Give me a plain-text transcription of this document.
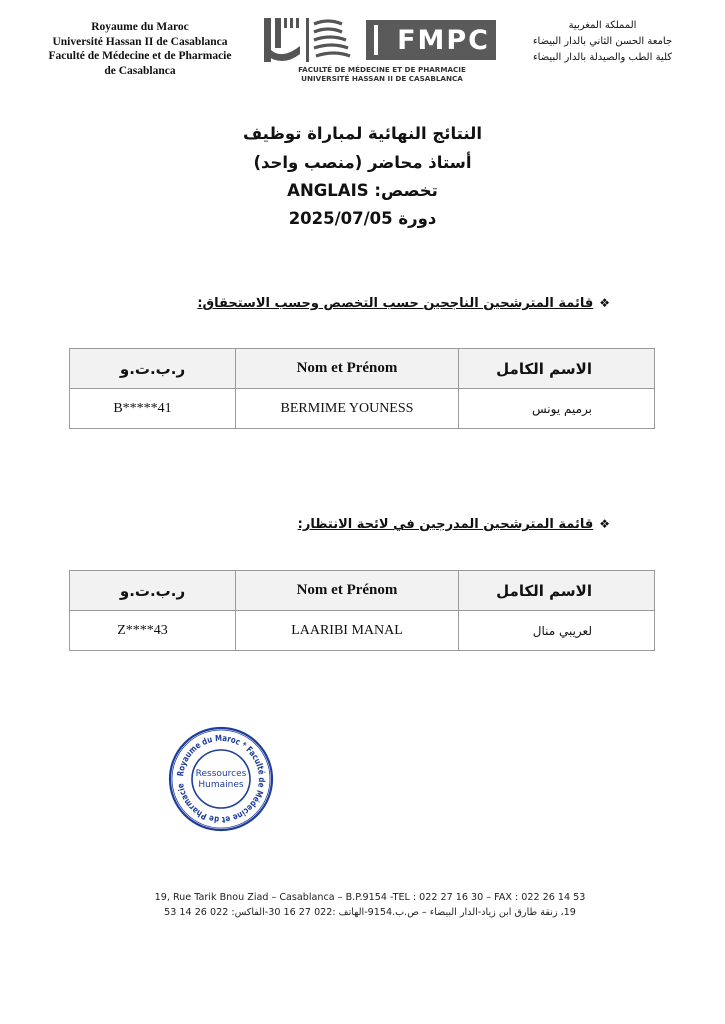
Royaume du Maroc
Université Hassan II de Casablanca
Faculté de Médecine et de Pharmacie
de Casablanca
FMPC
FACULTÉ DE MÉDECINE ET DE PHARMACIE
UNIVERSITÉ HASSAN II DE CASABLANCA
المملكة المغربية
جامعة الحسن الثاني بالدار البيضاء
كلية الطب والصيدلة بالدار البيضاء
النتائج النهائية لمباراة توظيف
أستاذ محاضر (منصب واحد)
تخصص: ANGLAIS
دورة 2025/07/05
❖قائمة المترشحين الناجحين حسب التخصص وحسب الاستحقاق:
ر.ب.ت.و	Nom et Prénom	الاسم الكامل
B*****41	BERMIME YOUNESS	برميم يونس
❖قائمة المترشحين المدرجين في لائحة الانتظار:
ر.ب.ت.و	Nom et Prénom	الاسم الكامل
Z****43	LAARIBI MANAL	لعريبي منال
Royaume du Maroc * Faculté de Médecine et de Pharmacie
Ressources
Humaines
19, Rue Tarik Bnou Ziad – Casablanca – B.P.9154 -TEL : 022 27 16 30 – FAX : 022 26 14 53
19، زنقة طارق ابن زياد-الدار البيضاء – ص.ب.9154-الهاتف :022 27 16 30-الفاكس: 022 26 14 53
